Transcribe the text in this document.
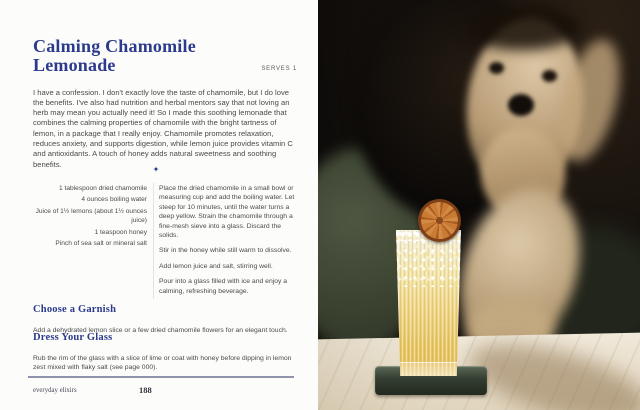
Calming Chamomile Lemonade	SERVES 1

I have a confession. I don't exactly love the taste of chamomile, but I do love the benefits. I've also had nutrition and herbal mentors say that not loving an herb may mean you actually need it! So I made this soothing lemonade that combines the calming properties of chamomile with the bright tartness of lemon, in a package that I really enjoy. Chamomile promotes relaxation, reduces anxiety, and supports digestion, while lemon juice provides vitamin C and antioxidants. A touch of honey adds natural sweetness and soothing benefits.

✦

1 tablespoon dried chamomile

4 ounces boiling water

Juice of 1½ lemons (about 1½ ounces juice)

1 teaspoon honey

Pinch of sea salt or mineral salt

Place the dried chamomile in a small bowl or measuring cup and add the boiling water. Let steep for 10 minutes, until the water turns a deep yellow. Strain the chamomile through a fine-mesh sieve into a glass. Discard the solids.

Stir in the honey while still warm to dissolve.

Add lemon juice and salt, stirring well.

Pour into a glass filled with ice and enjoy a calming, refreshing beverage.

Choose a Garnish

Add a dehydrated lemon slice or a few dried chamomile flowers for an elegant touch.

Dress Your Glass

Rub the rim of the glass with a slice of lime or coat with honey before dipping in lemon zest mixed with flaky salt (see page 000).

everyday elixirs	188
